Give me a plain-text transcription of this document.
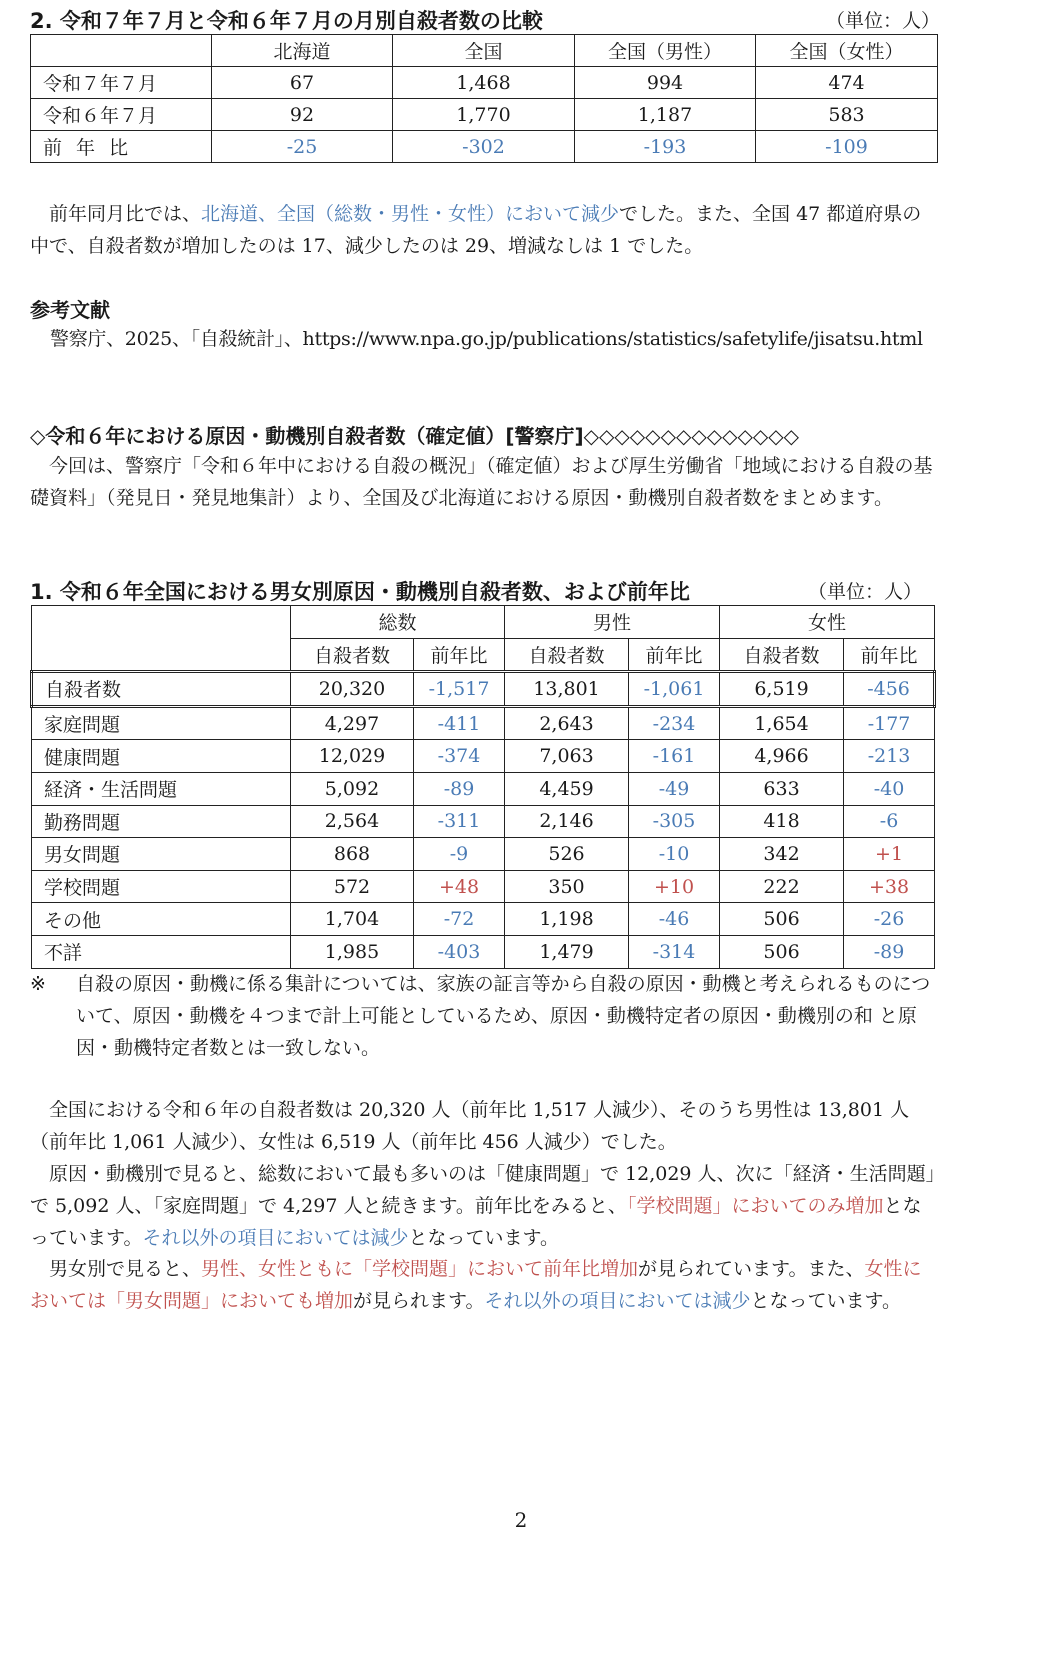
2. 令和７年７月と令和６年７月の月別自殺者数の比較	（単位：人）
	北海道	全国	全国（男性）	全国（女性）
令和７年７月	67	1,468	994	474
令和６年７月	92	1,770	1,187	583
前年比	-25	-302	-193	-109

前年同月比では、北海道、全国（総数・男性・女性）において減少でした。また、全国 47 都道府県の中で、自殺者数が増加したのは 17、減少したのは 29、増減なしは 1 でした。

参考文献
警察庁、2025、「自殺統計」、https://www.npa.go.jp/publications/statistics/safetylife/jisatsu.html
◇令和６年における原因・動機別自殺者数（確定値）[警察庁]◇◇◇◇◇◇◇◇◇◇◇◇◇◇

今回は、警察庁「令和６年中における自殺の概況」（確定値）および厚生労働省「地域における自殺の基礎資料」（発見日・発見地集計）より、全国及び北海道における原因・動機別自殺者数をまとめます。

1. 令和６年全国における男女別原因・動機別自殺者数、および前年比	（単位：人）
	総数		男性		女性	
	自殺者数	前年比	自殺者数	前年比	自殺者数	前年比
自殺者数	20,320	-1,517	13,801	-1,061	6,519	-456
家庭問題	4,297	-411	2,643	-234	1,654	-177
健康問題	12,029	-374	7,063	-161	4,966	-213
経済・生活問題	5,092	-89	4,459	-49	633	-40
勤務問題	2,564	-311	2,146	-305	418	-6
男女問題	868	-9	526	-10	342	+1
学校問題	572	+48	350	+10	222	+38
その他	1,704	-72	1,198	-46	506	-26
不詳	1,985	-403	1,479	-314	506	-89
※ 自殺の原因・動機に係る集計については、家族の証言等から自殺の原因・動機と考えられるものについて、原因・動機を４つまで計上可能としているため、原因・動機特定者の原因・動機別の和 と原因・動機特定者数とは一致しない。

全国における令和６年の自殺者数は 20,320 人（前年比 1,517 人減少）、そのうち男性は 13,801 人（前年比 1,061 人減少）、女性は 6,519 人（前年比 456 人減少）でした。

原因・動機別で見ると、総数において最も多いのは「健康問題」で 12,029 人、次に「経済・生活問題」で 5,092 人、「家庭問題」で 4,297 人と続きます。前年比をみると、「学校問題」においてのみ増加となっています。それ以外の項目においては減少となっています。

男女別で見ると、男性、女性ともに「学校問題」において前年比増加が見られています。また、女性においては「男女問題」においても増加が見られます。それ以外の項目においては減少となっています。

2
